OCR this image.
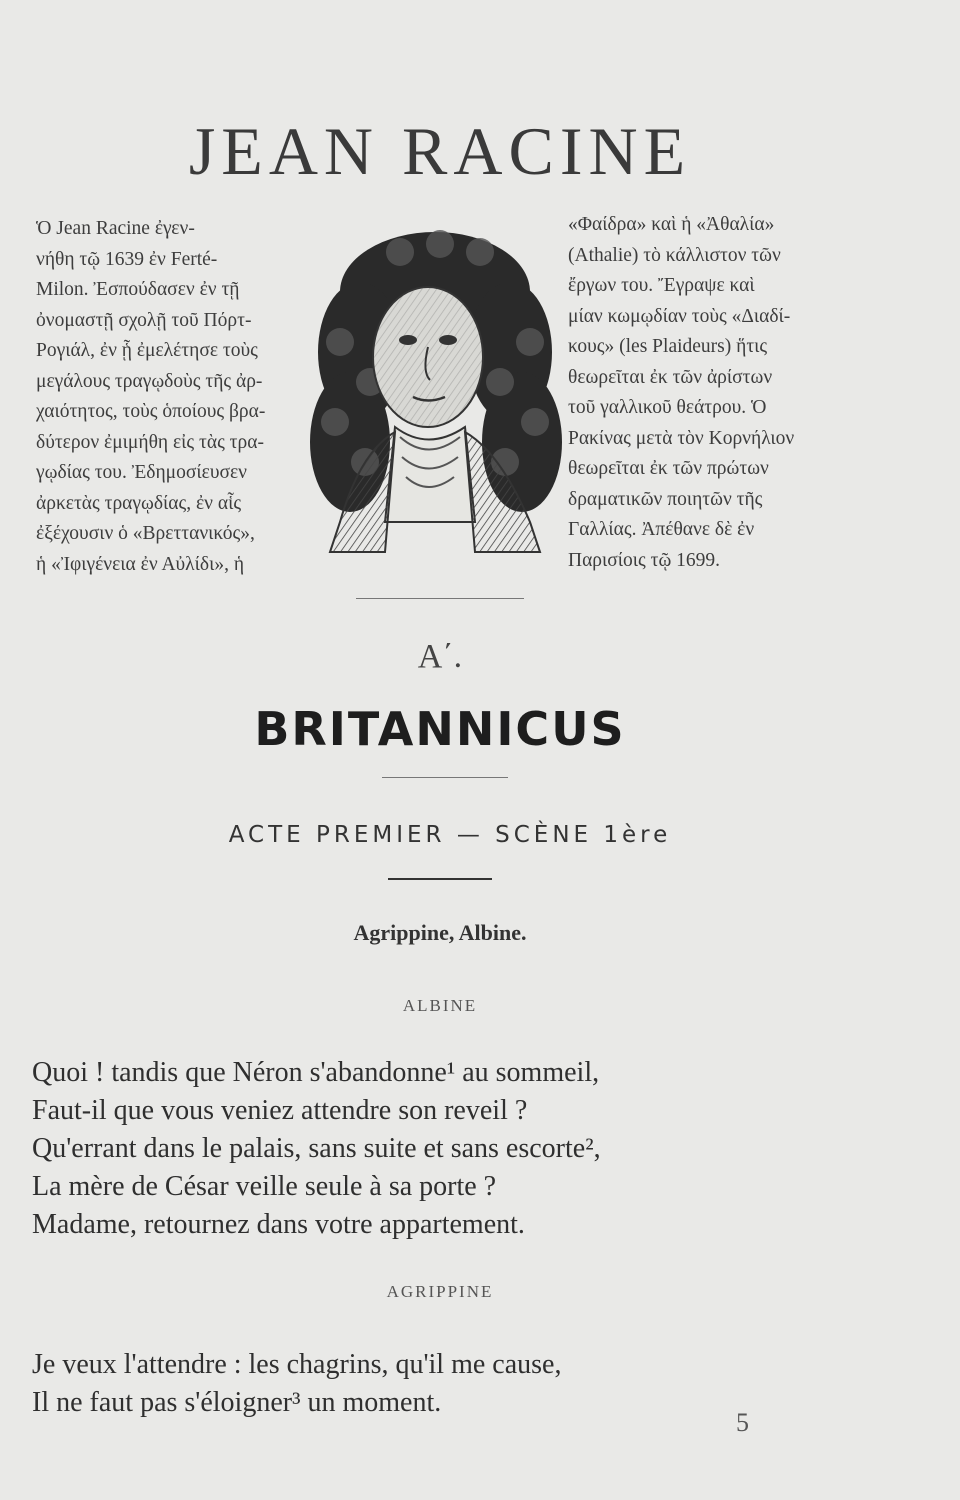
JEAN RACINE
Ὁ Jean Racine ἐγεν-
νήθη τῷ 1639 ἐν Ferté-
Milon. Ἐσπούδασεν ἐν τῇ
ὀνομαστῇ σχολῇ τοῦ Πόρτ-
Ρογιάλ, ἐν ᾗ ἐμελέτησε τοὺς
μεγάλους τραγῳδοὺς τῆς ἀρ-
χαιότητος, τοὺς ὁποίους βρα-
δύτερον ἐμιμήθη εἰς τὰς τρα-
γῳδίας του. Ἐδημοσίευσεν
ἀρκετὰς τραγῳδίας, ἐν αἷς
ἐξέχουσιν ὁ «Βρεττανικός»,
ἡ «Ἰφιγένεια ἐν Αὐλίδι», ἡ
«Φαίδρα» καὶ ἡ «Ἀθαλία»
(Athalie) τὸ κάλλιστον τῶν
ἔργων του. Ἔγραψε καὶ
μίαν κωμῳδίαν τοὺς «Διαδί-
κους» (les Plaideurs) ἥτις
θεωρεῖται ἐκ τῶν ἀρίστων
τοῦ γαλλικοῦ θεάτρου. Ὁ
Ρακίνας μετὰ τὸν Κορνήλιον
θεωρεῖται ἐκ τῶν πρώτων
δραματικῶν ποιητῶν τῆς
Γαλλίας. Ἀπέθανε δὲ ἐν
Παρισίοις τῷ 1699.
Α΄.
BRITANNICUS
ACTE PREMIER — SCÈNE 1ère
Agrippine, Albine.
ALBINE
Quoi ! tandis que Néron s'abandonne¹ au sommeil,
Faut-il que vous veniez attendre son reveil ?
Qu'errant dans le palais, sans suite et sans escorte²,
La mère de César veille seule à sa porte ?
Madame, retournez dans votre appartement.
AGRIPPINE
Je veux l'attendre : les chagrins, qu'il me cause,
Il ne faut pas s'éloigner³ un moment.
5
